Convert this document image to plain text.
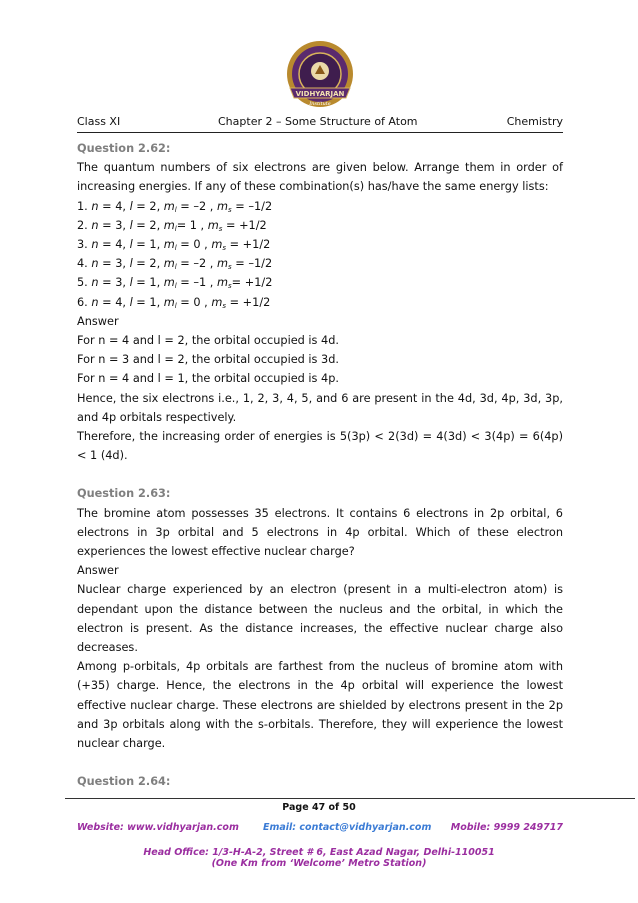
VIDHYARJAN
Institute
Class XI	Chapter 2 – Some Structure of Atom	Chemistry

Question 2.62:

The quantum numbers of six electrons are given below. Arrange them in order of increasing energies. If any of these combination(s) has/have the same energy lists:

1. n = 4, l = 2, $m_l = -2$ , $m_s = -1/2$

2. n = 3, l = 2, $m_l= 1$ , $m_s = +1/2$

3. n = 4, l = 1, $m_l = 0$ , $m_s = +1/2$

4. n = 3, l = 2, $m_l = -2$ , $m_s = -1/2$

5. n = 3, l = 1, $m_l = -1$ , $m_s= +1/2$

6. n = 4, l = 1, $m_l = 0$ , $m_s = +1/2$

Answer

For n = 4 and l = 2, the orbital occupied is 4d.

For n = 3 and l = 2, the orbital occupied is 3d.

For n = 4 and l = 1, the orbital occupied is 4p.

Hence, the six electrons i.e., 1, 2, 3, 4, 5, and 6 are present in the 4d, 3d, 4p, 3d, 3p, and 4p orbitals respectively.

Therefore, the increasing order of energies is 5(3p) < 2(3d) = 4(3d) < 3(4p) = 6(4p) < 1 (4d).

Question 2.63:

The bromine atom possesses 35 electrons. It contains 6 electrons in 2p orbital, 6 electrons in 3p orbital and 5 electrons in 4p orbital. Which of these electron experiences the lowest effective nuclear charge?

Answer

Nuclear charge experienced by an electron (present in a multi-electron atom) is dependant upon the distance between the nucleus and the orbital, in which the electron is present. As the distance increases, the effective nuclear charge also decreases.

Among p-orbitals, 4p orbitals are farthest from the nucleus of bromine atom with (+35) charge. Hence, the electrons in the 4p orbital will experience the lowest effective nuclear charge. These electrons are shielded by electrons present in the 2p and 3p orbitals along with the s-orbitals. Therefore, they will experience the lowest nuclear charge.

Question 2.64:

Page 47 of 50
Website: www.vidhyarjan.com	Email: contact@vidhyarjan.com Mobile: 9999 249717
Head Office: 1/3-H-A-2, Street # 6, East Azad Nagar, Delhi-110051
(One Km from ‘Welcome’ Metro Station)
